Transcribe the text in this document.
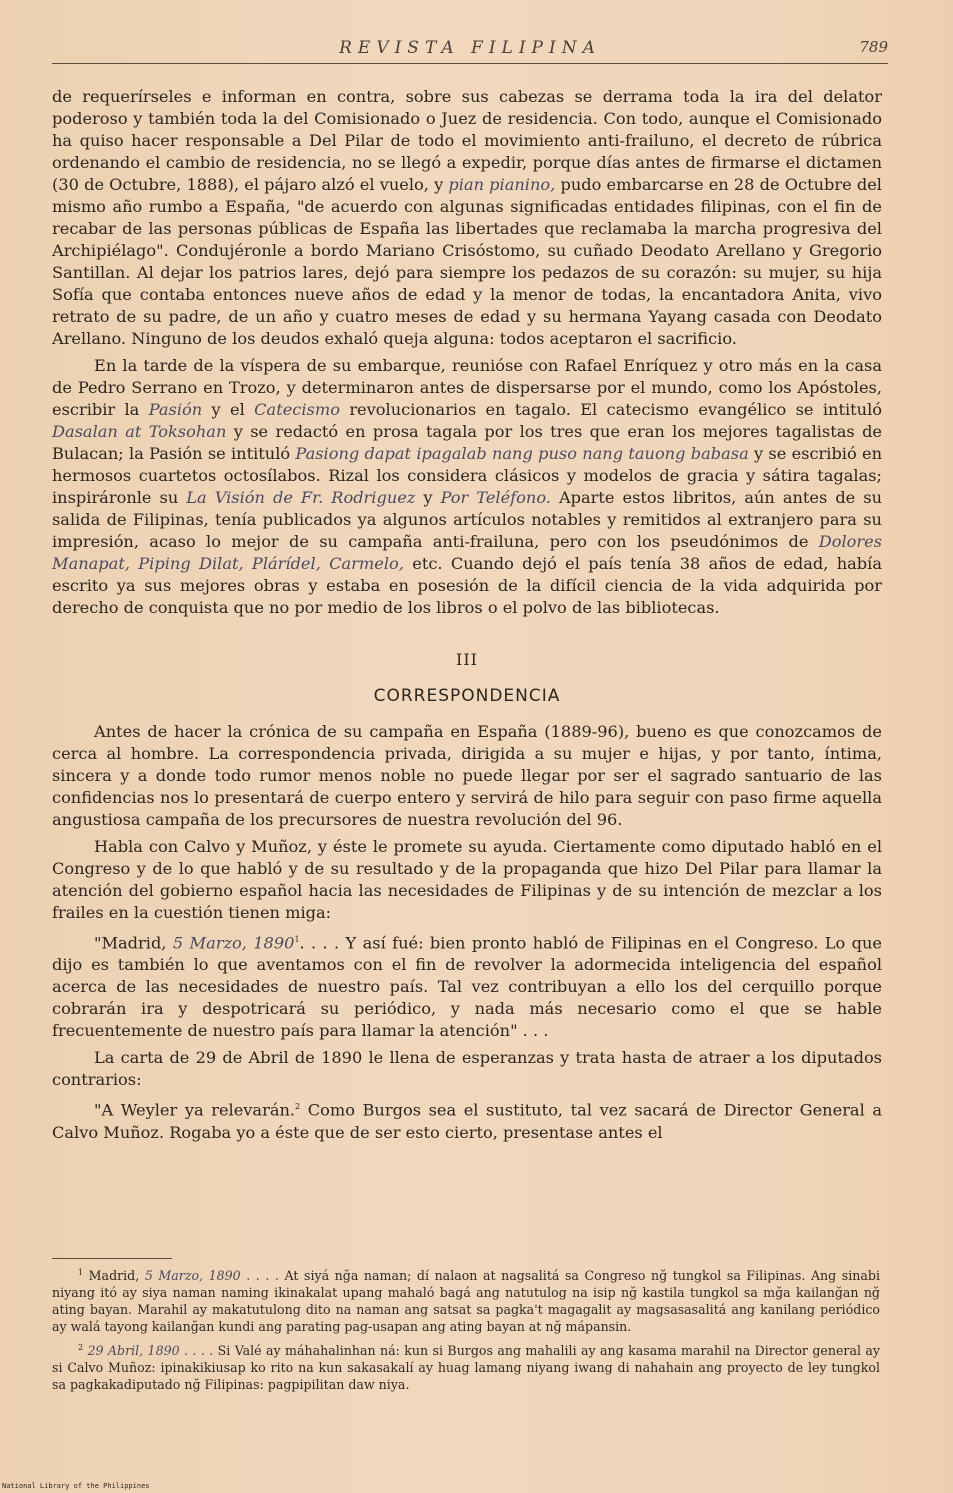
REVISTA FILIPINA	789

de requerírseles e informan en contra, sobre sus cabezas se derrama toda la ira del delator poderoso y también toda la del Comisionado o Juez de residencia. Con todo, aunque el Comisionado ha quiso hacer responsable a Del Pilar de todo el movimiento anti-frailuno, el decreto de rúbrica ordenando el cambio de residencia, no se llegó a expedir, porque días antes de firmarse el dictamen (30 de Octubre, 1888), el pájaro alzó el vuelo, y pian pianino, pudo embarcarse en 28 de Octubre del mismo año rumbo a España, "de acuerdo con algunas significadas entidades filipinas, con el fin de recabar de las personas públicas de España las libertades que reclamaba la marcha progresiva del Archipiélago". Condujéronle a bordo Mariano Crisóstomo, su cuñado Deodato Arellano y Gregorio Santillan. Al dejar los patrios lares, dejó para siempre los pedazos de su corazón: su mujer, su hija Sofía que contaba entonces nueve años de edad y la menor de todas, la encantadora Anita, vivo retrato de su padre, de un año y cuatro meses de edad y su hermana Yayang casada con Deodato Arellano. Ninguno de los deudos exhaló queja alguna: todos aceptaron el sacrificio.

En la tarde de la víspera de su embarque, reunióse con Rafael Enríquez y otro más en la casa de Pedro Serrano en Trozo, y determinaron antes de dispersarse por el mundo, como los Apóstoles, escribir la Pasión y el Catecismo revolucionarios en tagalo. El catecismo evangélico se intituló Dasalan at Toksohan y se redactó en prosa tagala por los tres que eran los mejores tagalistas de Bulacan; la Pasión se intituló Pasiong dapat ipagalab nang puso nang tauong babasa y se escribió en hermosos cuartetos octosílabos. Rizal los considera clásicos y modelos de gracia y sátira tagalas; inspiráronle su La Visión de Fr. Rodriguez y Por Teléfono. Aparte estos libritos, aún antes de su salida de Filipinas, tenía publicados ya algunos artículos notables y remitidos al extranjero para su impresión, acaso lo mejor de su campaña anti-frailuna, pero con los pseudónimos de Dolores Manapat, Piping Dilat, Plárídel, Carmelo, etc. Cuando dejó el país tenía 38 años de edad, había escrito ya sus mejores obras y estaba en posesión de la difícil ciencia de la vida adquirida por derecho de conquista que no por medio de los libros o el polvo de las bibliotecas.

III
CORRESPONDENCIA

Antes de hacer la crónica de su campaña en España (1889-96), bueno es que conozcamos de cerca al hombre. La correspondencia privada, dirigida a su mujer e hijas, y por tanto, íntima, sincera y a donde todo rumor menos noble no puede llegar por ser el sagrado santuario de las confidencias nos lo presentará de cuerpo entero y servirá de hilo para seguir con paso firme aquella angustiosa campaña de los precursores de nuestra revolución del 96.

Habla con Calvo y Muñoz, y éste le promete su ayuda. Ciertamente como diputado habló en el Congreso y de lo que habló y de su resultado y de la propaganda que hizo Del Pilar para llamar la atención del gobierno español hacia las necesidades de Filipinas y de su intención de mezclar a los frailes en la cuestión tienen miga:

"Madrid, 5 Marzo, 1890$^1$. . . . Y así fué: bien pronto habló de Filipinas en el Congreso. Lo que dijo es también lo que aventamos con el fin de revolver la adormecida inteligencia del español acerca de las necesidades de nuestro país. Tal vez contribuyan a ello los del cerquillo porque cobrarán ira y despotricará su periódico, y nada más necesario como el que se hable frecuentemente de nuestro país para llamar la atención" . . .

La carta de 29 de Abril de 1890 le llena de esperanzas y trata hasta de atraer a los diputados contrarios:

"A Weyler ya relevarán.$^2$ Como Burgos sea el sustituto, tal vez sacará de Director General a Calvo Muñoz. Rogaba yo a éste que de ser esto cierto, presentase antes el

$^1$ Madrid, 5 Marzo, 1890 . . . . At siyá nğa naman; dí nalaon at nagsalitá sa Congreso nğ tungkol sa Filipinas. Ang sinabi niyang itó ay siya naman naming ikinakalat upang mahaló bagá ang natutulog na isip nğ kastila tungkol sa mğa kailanğan nğ ating bayan. Marahil ay makatutulong dito na naman ang satsat sa pagka't magagalit ay magsasasalitá ang kanilang periódico ay walá tayong kailanğan kundi ang parating pag-usapan ang ating bayan at nğ mápansin.

$^2$ 29 Abril, 1890 . . . . Si Valé ay máhahalinhan ná: kun si Burgos ang mahalili ay ang kasama marahil na Director general ay si Calvo Muñoz: ipinakikiusap ko rito na kun sakasakalí ay huag lamang niyang iwang di nahahain ang proyecto de ley tungkol sa pagkakadiputado nğ Filipinas: pagpipilitan daw niya.

National Library of the Philippines
